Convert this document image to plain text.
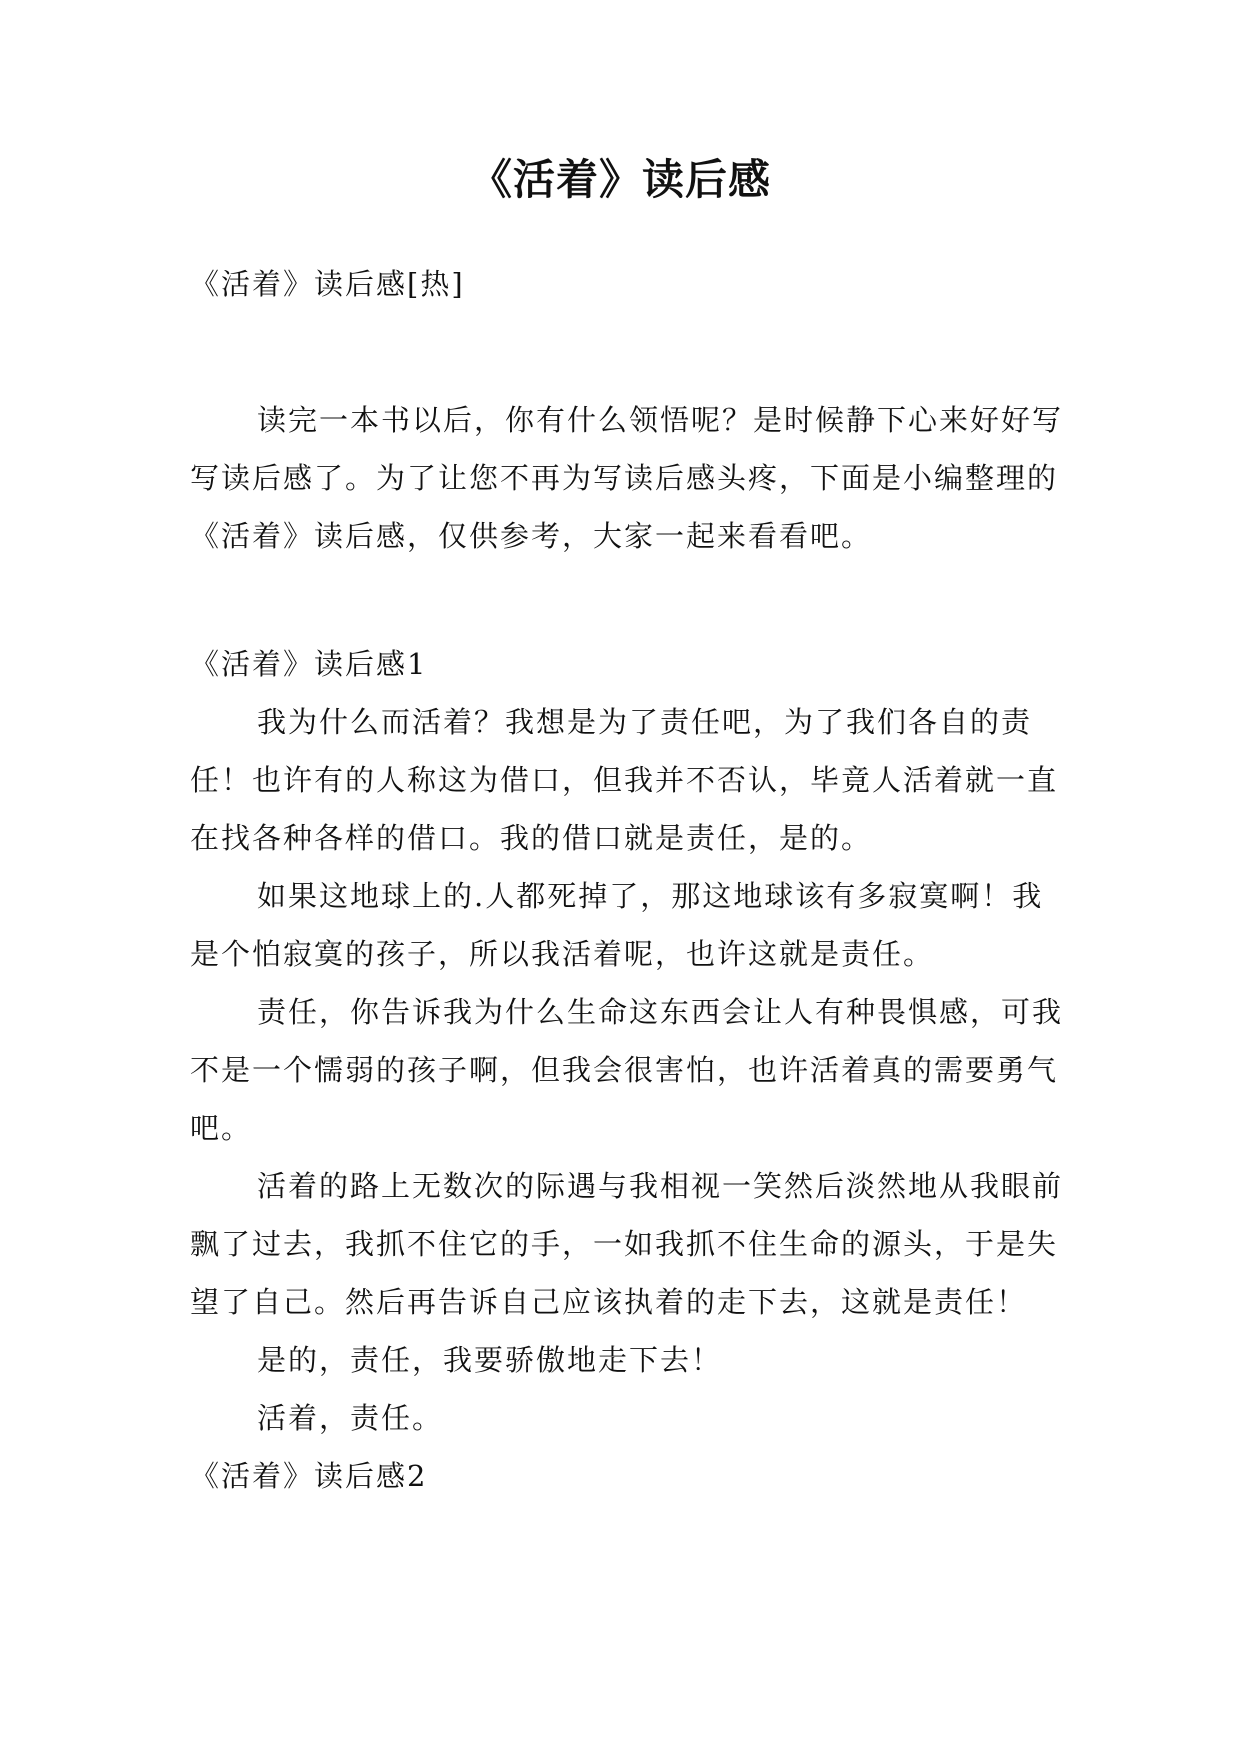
《活着》读后感

《活着》读后感[热]

读完一本书以后，你有什么领悟呢？是时候静下心来好好写写读后感了。为了让您不再为写读后感头疼，下面是小编整理的《活着》读后感，仅供参考，大家一起来看看吧。

《活着》读后感1

我为什么而活着？我想是为了责任吧，为了我们各自的责任！也许有的人称这为借口，但我并不否认，毕竟人活着就一直在找各种各样的借口。我的借口就是责任，是的。

如果这地球上的.人都死掉了，那这地球该有多寂寞啊！我是个怕寂寞的孩子，所以我活着呢，也许这就是责任。

责任，你告诉我为什么生命这东西会让人有种畏惧感，可我不是一个懦弱的孩子啊，但我会很害怕，也许活着真的需要勇气吧。

活着的路上无数次的际遇与我相视一笑然后淡然地从我眼前飘了过去，我抓不住它的手，一如我抓不住生命的源头，于是失望了自己。然后再告诉自己应该执着的走下去，这就是责任！

是的，责任，我要骄傲地走下去！

活着，责任。

《活着》读后感2
